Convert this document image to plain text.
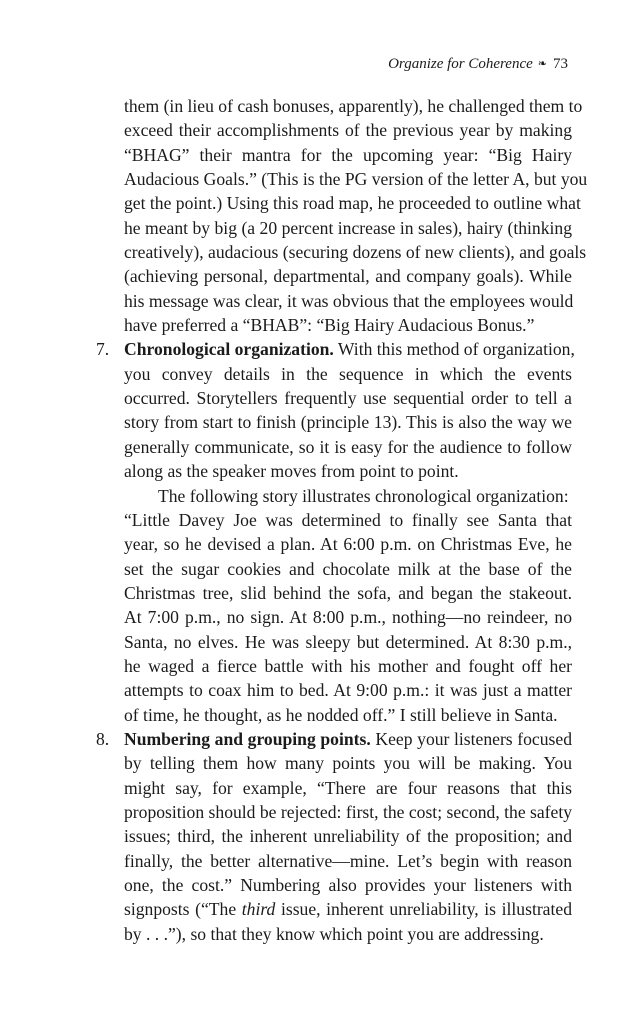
Organize for Coherence ❧ 73
them (in lieu of cash bonuses, apparently), he challenged them to
exceed their accomplishments of the previous year by making
“BHAG” their mantra for the upcoming year: “Big Hairy
Audacious Goals.” (This is the PG version of the letter A, but you
get the point.) Using this road map, he proceeded to outline what
he meant by big (a 20 percent increase in sales), hairy (thinking
creatively), audacious (securing dozens of new clients), and goals
(achieving personal, departmental, and company goals). While
his message was clear, it was obvious that the employees would
have preferred a “BHAB”: “Big Hairy Audacious Bonus.”
7. Chronological organization. With this method of organization,
you convey details in the sequence in which the events
occurred. Storytellers frequently use sequential order to tell a
story from start to finish (principle 13). This is also the way we
generally communicate, so it is easy for the audience to follow
along as the speaker moves from point to point.
The following story illustrates chronological organization:
“Little Davey Joe was determined to finally see Santa that
year, so he devised a plan. At 6:00 p.m. on Christmas Eve, he
set the sugar cookies and chocolate milk at the base of the
Christmas tree, slid behind the sofa, and began the stakeout.
At 7:00 p.m., no sign. At 8:00 p.m., nothing—no reindeer, no
Santa, no elves. He was sleepy but determined. At 8:30 p.m.,
he waged a fierce battle with his mother and fought off her
attempts to coax him to bed. At 9:00 p.m.: it was just a matter
of time, he thought, as he nodded off.” I still believe in Santa.
8. Numbering and grouping points. Keep your listeners focused
by telling them how many points you will be making. You
might say, for example, “There are four reasons that this
proposition should be rejected: first, the cost; second, the safety
issues; third, the inherent unreliability of the proposition; and
finally, the better alternative—mine. Let’s begin with reason
one, the cost.” Numbering also provides your listeners with
signposts (“The third issue, inherent unreliability, is illustrated
by . . .”), so that they know which point you are addressing.
